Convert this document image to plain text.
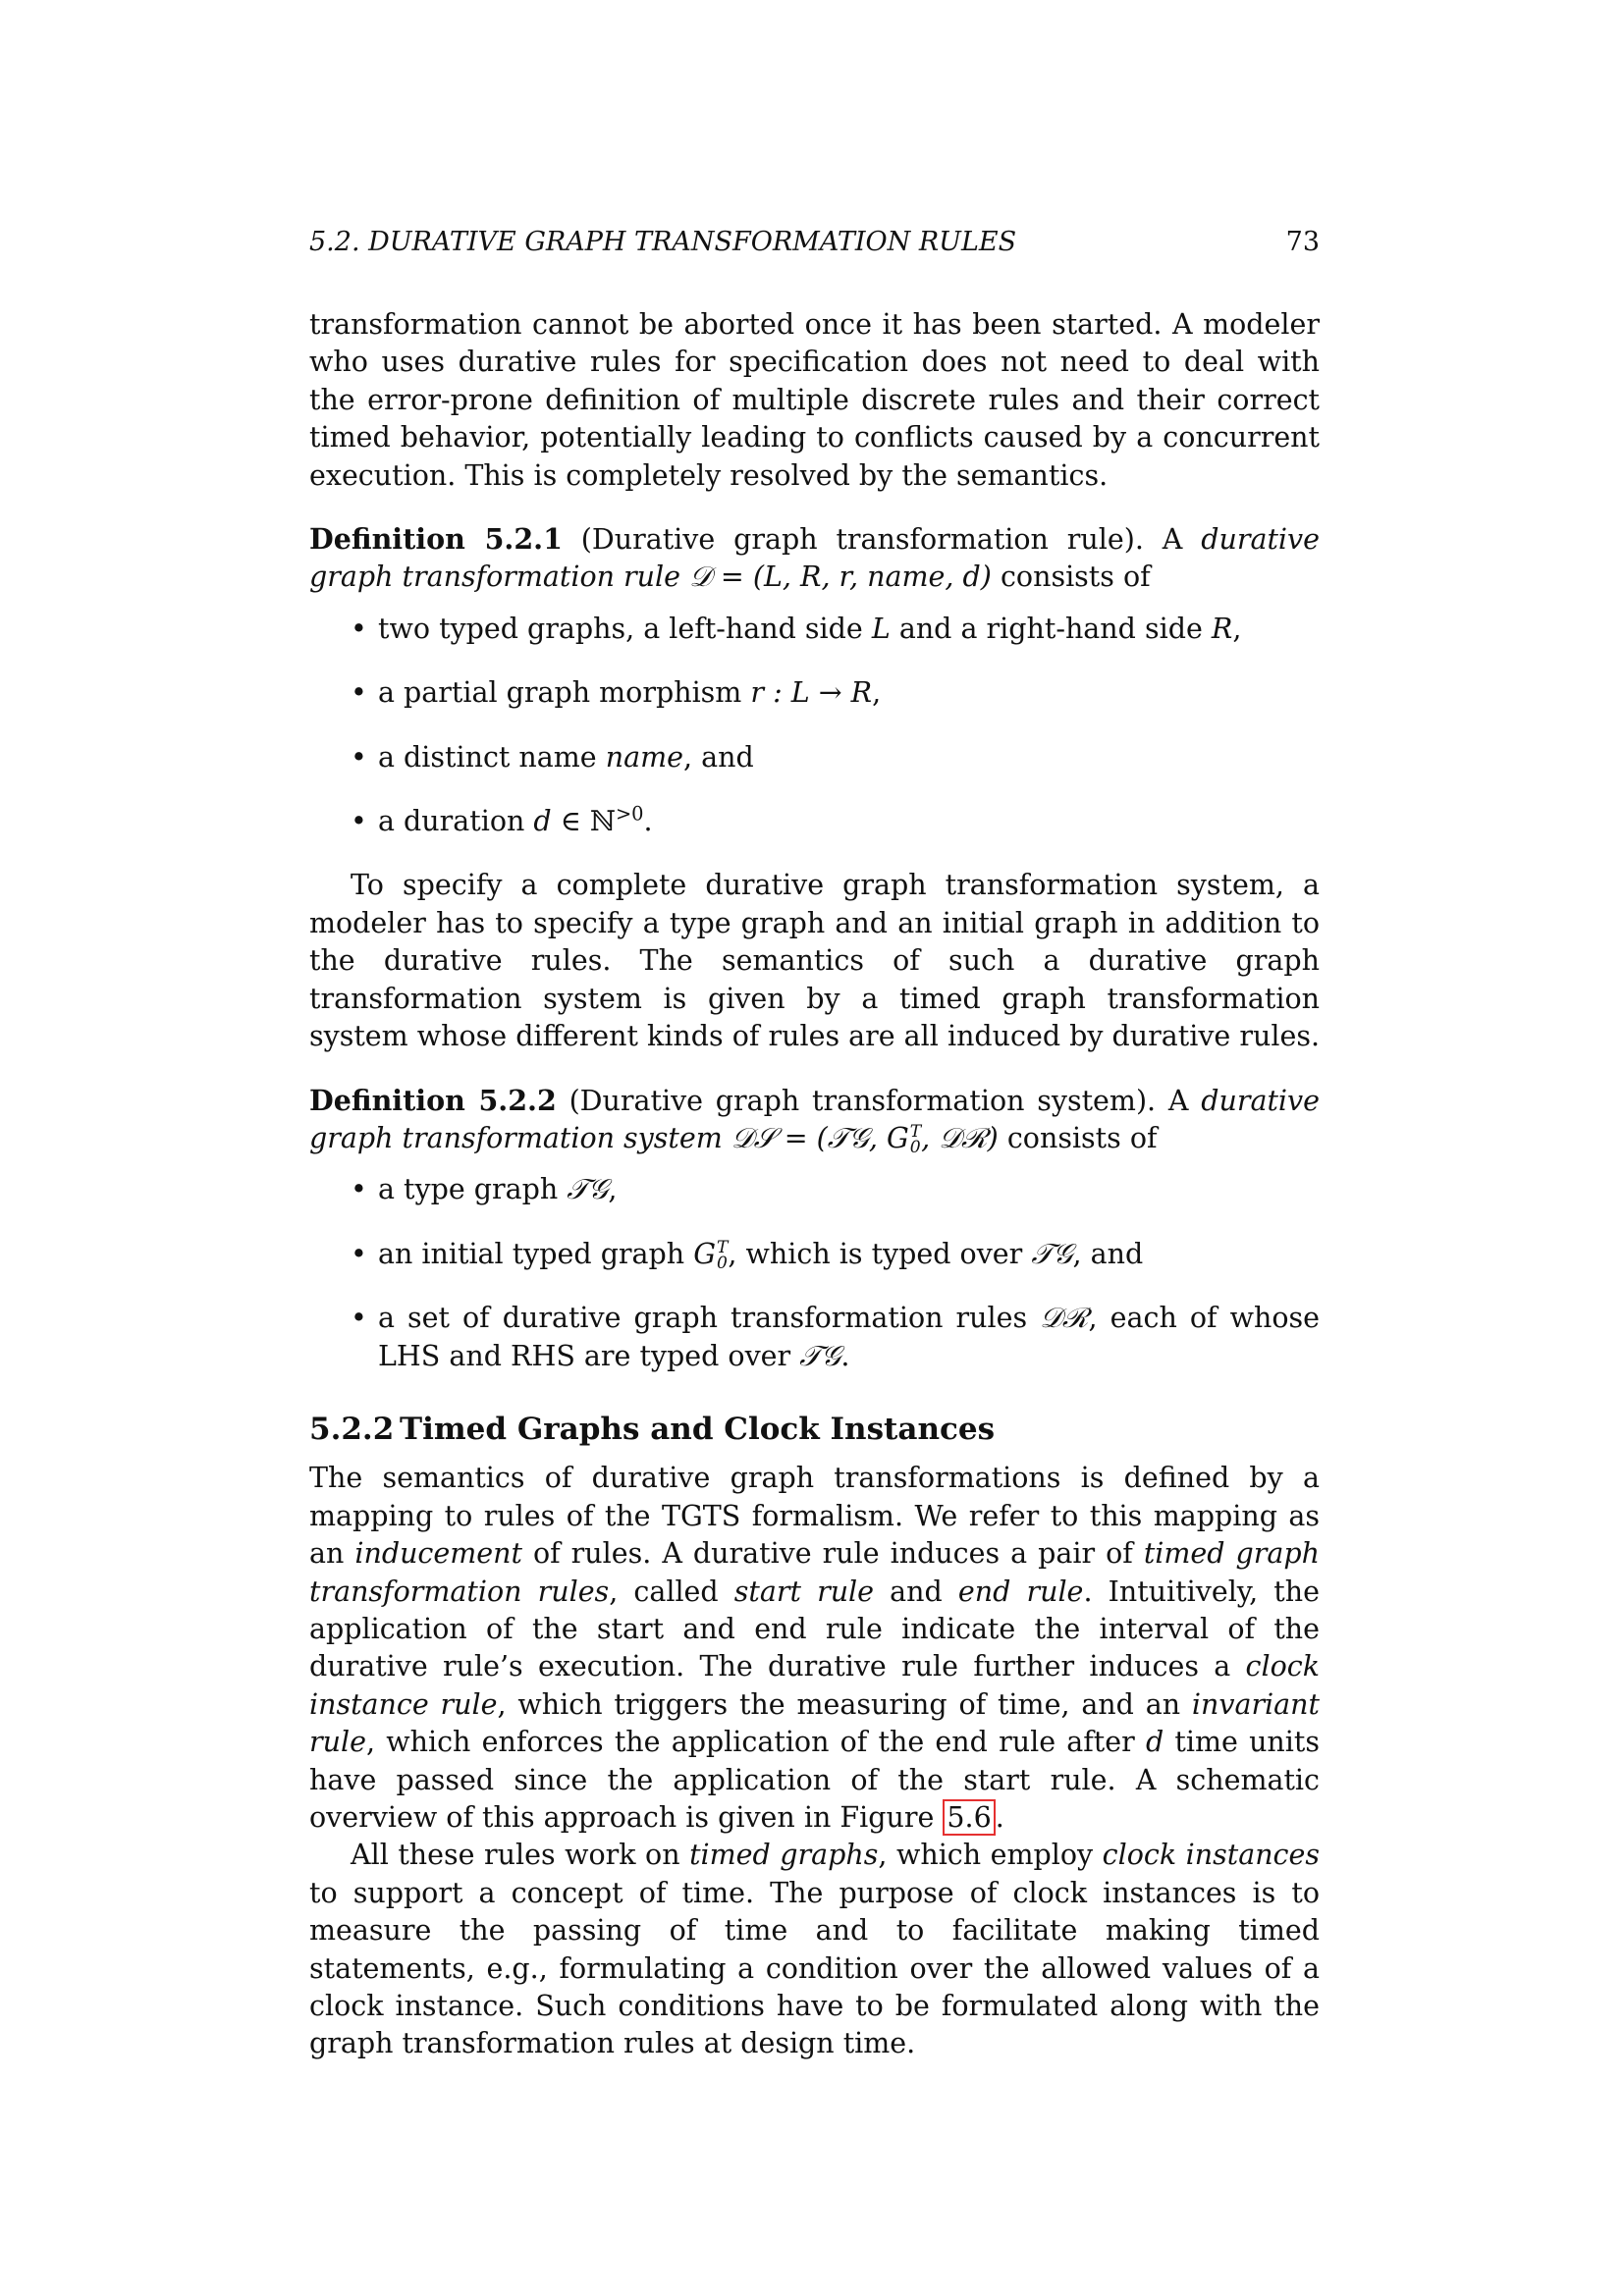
5.2. DURATIVE GRAPH TRANSFORMATION RULES	73

transformation cannot be aborted once it has been started. A modeler who uses durative rules for specification does not need to deal with the error-prone definition of multiple discrete rules and their correct timed behavior, potentially leading to conflicts caused by a concurrent execution. This is completely resolved by the semantics.

Definition 5.2.1 (Durative graph transformation rule). A durative graph transformation rule 𝒟 = (L, R, r, name, d) consists of

• two typed graphs, a left-hand side L and a right-hand side R,
• a partial graph morphism r : L → R,
• a distinct name name, and
• a duration d ∈ ℕ$^{>0}$.

To specify a complete durative graph transformation system, a modeler has to specify a type graph and an initial graph in addition to the durative rules. The semantics of such a durative graph transformation system is given by a timed graph transformation system whose different kinds of rules are all induced by durative rules.

Definition 5.2.2 (Durative graph transformation system). A durative graph transformation system 𝒟𝒮 = (𝒯𝒢, G T
0 , 𝒟ℛ) consists of

• a type graph 𝒯𝒢,
• an initial typed graph G T
0 , which is typed over 𝒯𝒢, and
• a set of durative graph transformation rules 𝒟ℛ, each of whose LHS and RHS are typed over 𝒯𝒢.
5.2.2 Timed Graphs and Clock Instances

The semantics of durative graph transformations is defined by a mapping to rules of the TGTS formalism. We refer to this mapping as an inducement of rules. A durative rule induces a pair of timed graph transformation rules, called start rule and end rule. Intuitively, the application of the start and end rule indicate the interval of the durative rule’s execution. The durative rule further induces a clock instance rule, which triggers the measuring of time, and an invariant rule, which enforces the application of the end rule after d time units have passed since the application of the start rule. A schematic overview of this approach is given in Figure 5.6 .

All these rules work on timed graphs, which employ clock instances to support a concept of time. The purpose of clock instances is to measure the passing of time and to facilitate making timed statements, e.g., formulating a condition over the allowed values of a clock instance. Such conditions have to be formulated along with the graph transformation rules at design time.
